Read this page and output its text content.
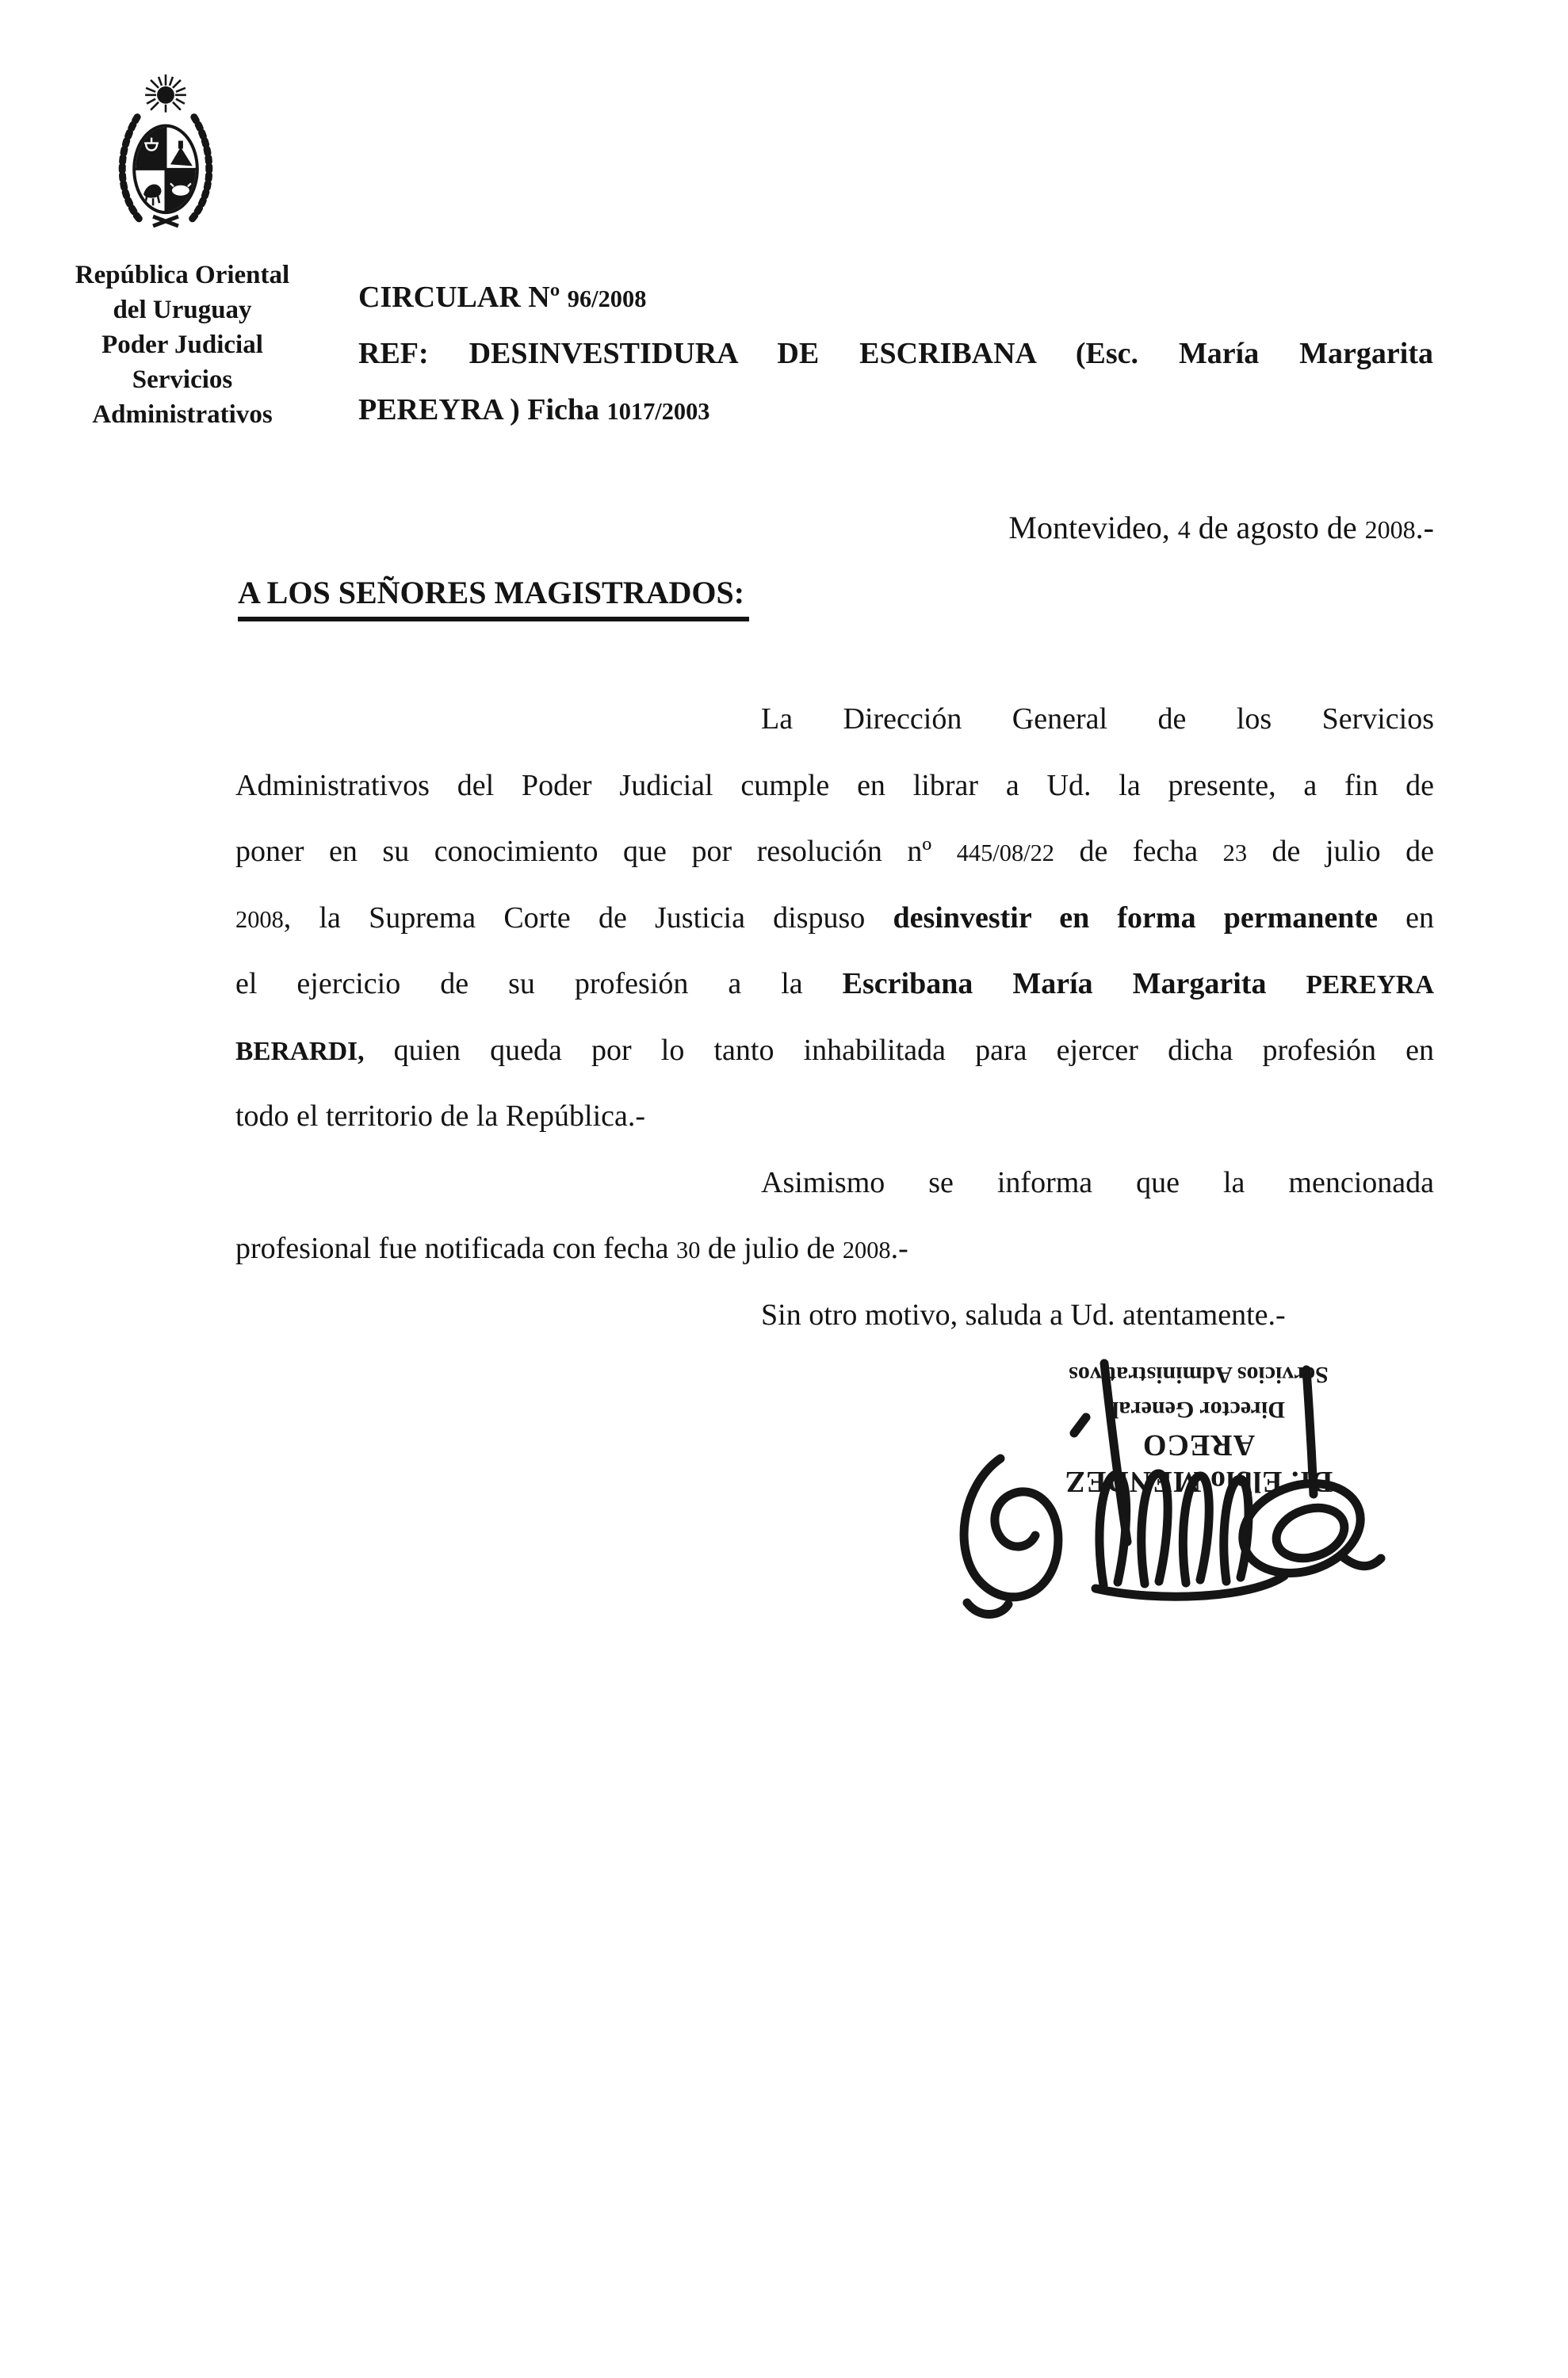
República Oriental
del Uruguay
Poder Judicial
Servicios
Administrativos
CIRCULAR Nº 96/2008
REF: DESINVESTIDURA DE ESCRIBANA (Esc. María Margarita
PEREYRA ) Ficha 1017/2003
Montevideo, 4 de agosto de 2008.-
A LOS SEÑORES MAGISTRADOS:
La Dirección General de los Servicios
Administrativos del Poder Judicial cumple en librar a Ud. la presente, a fin de
poner en su conocimiento que por resolución nº 445/08/22 de fecha 23 de julio de
2008, la Suprema Corte de Justicia dispuso desinvestir en forma permanente en
el ejercicio de su profesión a la Escribana María Margarita PEREYRA
BERARDI, quien queda por lo tanto inhabilitada para ejercer dicha profesión en
todo el territorio de la República.-
Asimismo se informa que la mencionada
profesional fue notificada con fecha 30 de julio de 2008.-
Sin otro motivo, saluda a Ud. atentamente.-
Dr. Elbio MENDEZ ARECO
Director General
Servicios Administrativos
